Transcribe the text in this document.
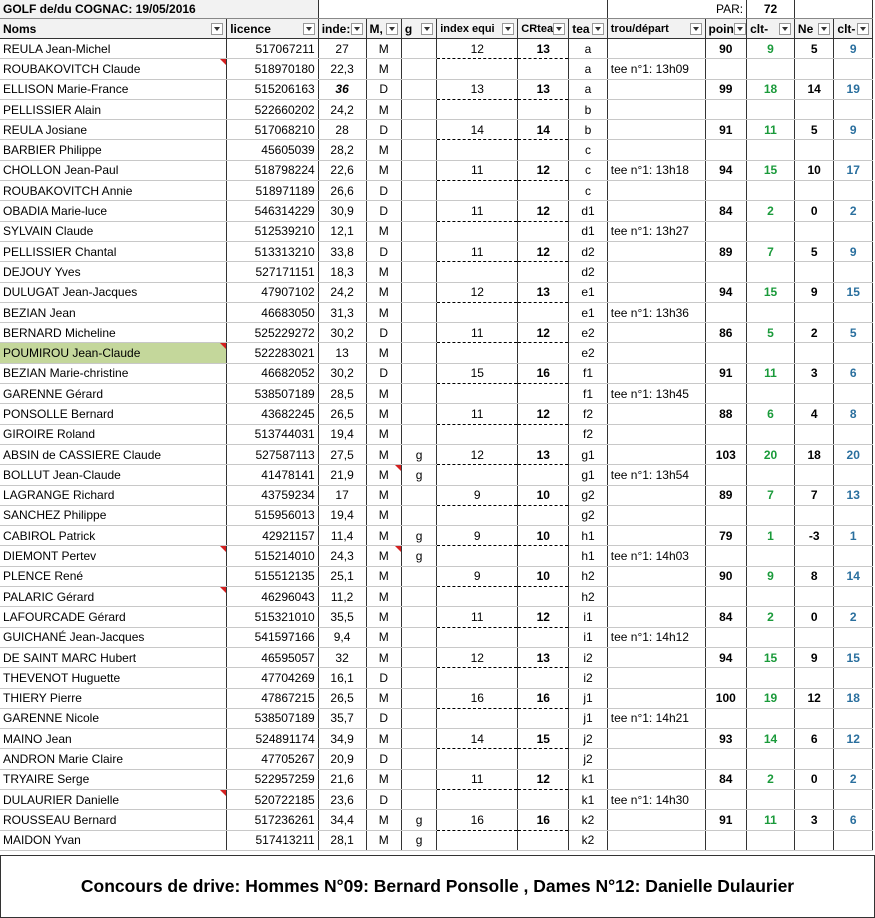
GOLF de/du COGNAC: 19/05/2016								PAR:		72		

Noms	licence	inde:	M,	g	index equi	CRtea	tea	trou/départ	poin	clt-	Ne	clt-

REULA Jean-Michel	517067211	27	M		12	13	a		90	9	5	9
ROUBAKOVITCH Claude	518970180	22,3	M				a	tee n°1: 13h09				
ELLISON Marie-France	515206163	36	D		13	13	a		99	18	14	19
PELLISSIER Alain	522660202	24,2	M				b					
REULA Josiane	517068210	28	D		14	14	b		91	11	5	9
BARBIER Philippe	45605039	28,2	M				c					
CHOLLON Jean-Paul	518798224	22,6	M		11	12	c	tee n°1: 13h18	94	15	10	17
ROUBAKOVITCH Annie	518971189	26,6	D				c					
OBADIA Marie-luce	546314229	30,9	D		11	12	d1		84	2	0	2
SYLVAIN Claude	512539210	12,1	M				d1	tee n°1: 13h27				
PELLISSIER Chantal	513313210	33,8	D		11	12	d2		89	7	5	9
DEJOUY Yves	527171151	18,3	M				d2					
DULUGAT Jean-Jacques	47907102	24,2	M		12	13	e1		94	15	9	15
BEZIAN Jean	46683050	31,3	M				e1	tee n°1: 13h36				
BERNARD Micheline	525229272	30,2	D		11	12	e2		86	5	2	5
POUMIROU Jean-Claude	522283021	13	M				e2					
BEZIAN Marie-christine	46682052	30,2	D		15	16	f1		91	11	3	6
GARENNE Gérard	538507189	28,5	M				f1	tee n°1: 13h45				
PONSOLLE Bernard	43682245	26,5	M		11	12	f2		88	6	4	8
GIROIRE Roland	513744031	19,4	M				f2					
ABSIN de CASSIERE Claude	527587113	27,5	M	g	12	13	g1		103	20	18	20
BOLLUT Jean-Claude	41478141	21,9	M	g			g1	tee n°1: 13h54				
LAGRANGE Richard	43759234	17	M		9	10	g2		89	7	7	13
SANCHEZ Philippe	515956013	19,4	M				g2					
CABIROL Patrick	42921157	11,4	M	g	9	10	h1		79	1	-3	1
DIEMONT Pertev	515214010	24,3	M	g			h1	tee n°1: 14h03				
PLENCE René	515512135	25,1	M		9	10	h2		90	9	8	14
PALARIC Gérard	46296043	11,2	M				h2					
LAFOURCADE Gérard	515321010	35,5	M		11	12	i1		84	2	0	2
GUICHANÉ Jean-Jacques	541597166	9,4	M				i1	tee n°1: 14h12				
DE SAINT MARC Hubert	46595057	32	M		12	13	i2		94	15	9	15
THEVENOT Huguette	47704269	16,1	D				i2					
THIERY Pierre	47867215	26,5	M		16	16	j1		100	19	12	18
GARENNE Nicole	538507189	35,7	D				j1	tee n°1: 14h21				
MAINO Jean	524891174	34,9	M		14	15	j2		93	14	6	12
ANDRON Marie Claire	47705267	20,9	D				j2					
TRYAIRE Serge	522957259	21,6	M		11	12	k1		84	2	0	2
DULAURIER Danielle	520722185	23,6	D				k1	tee n°1: 14h30				
ROUSSEAU Bernard	517236261	34,4	M	g	16	16	k2		91	11	3	6
MAIDON Yvan	517413211	28,1	M	g			k2					
Concours de drive: Hommes N°09: Bernard Ponsolle , Dames N°12: Danielle Dulaurier
